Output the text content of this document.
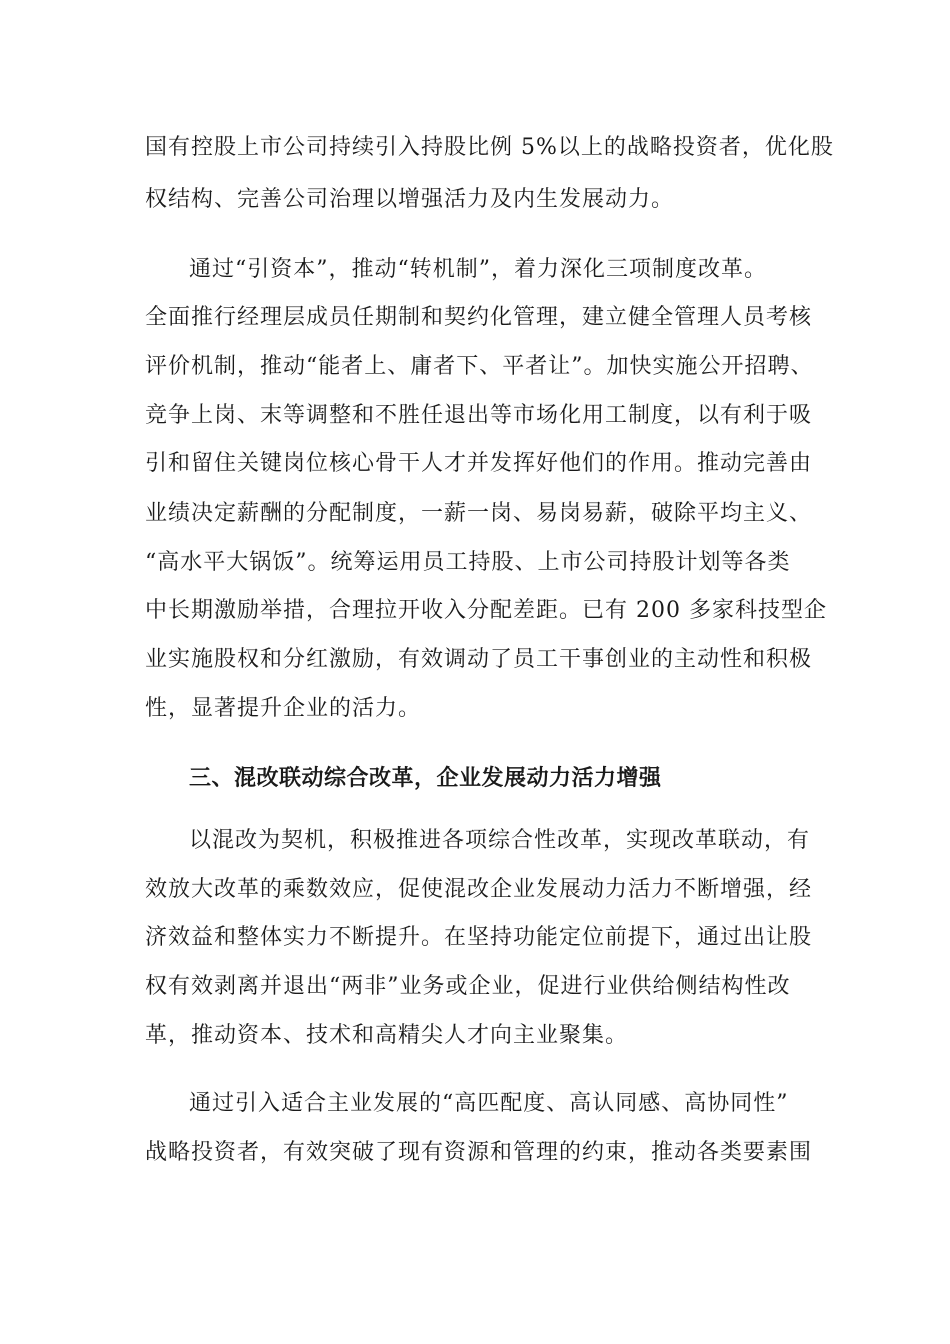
国有控股上市公司持续引入持股比例 5%以上的战略投资者，优化股
权结构、完善公司治理以增强活力及内生发展动力。
通过“引资本”，推动“转机制”，着力深化三项制度改革。
全面推行经理层成员任期制和契约化管理，建立健全管理人员考核
评价机制，推动“能者上、庸者下、平者让”。加快实施公开招聘、
竞争上岗、末等调整和不胜任退出等市场化用工制度，以有利于吸
引和留住关键岗位核心骨干人才并发挥好他们的作用。推动完善由
业绩决定薪酬的分配制度，一薪一岗、易岗易薪，破除平均主义、
“高水平大锅饭”。统筹运用员工持股、上市公司持股计划等各类
中长期激励举措，合理拉开收入分配差距。已有 200 多家科技型企
业实施股权和分红激励，有效调动了员工干事创业的主动性和积极
性，显著提升企业的活力。
三、混改联动综合改革，企业发展动力活力增强
以混改为契机，积极推进各项综合性改革，实现改革联动，有
效放大改革的乘数效应，促使混改企业发展动力活力不断增强，经
济效益和整体实力不断提升。在坚持功能定位前提下，通过出让股
权有效剥离并退出“两非”业务或企业，促进行业供给侧结构性改
革，推动资本、技术和高精尖人才向主业聚集。
通过引入适合主业发展的“高匹配度、高认同感、高协同性”
战略投资者，有效突破了现有资源和管理的约束，推动各类要素围
